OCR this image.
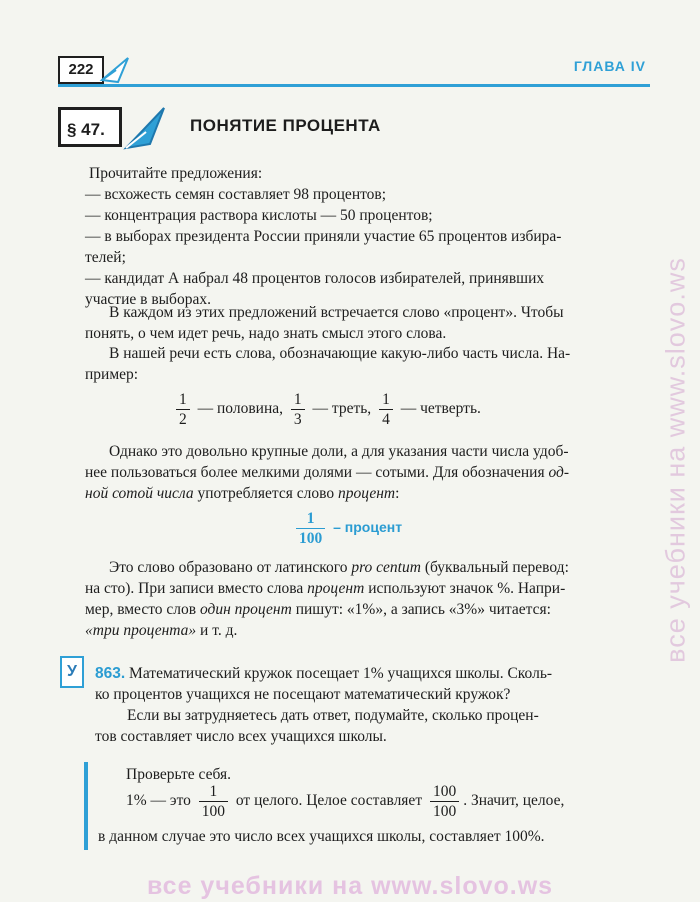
222	ГЛАВА IV
§ 47.	ПОНЯТИЕ ПРОЦЕНТА
Прочитайте предложения:
— всхожесть семян составляет 98 процентов;
— концентрация раствора кислоты — 50 процентов;
— в выборах президента России приняли участие 65 процентов избира-
телей;
— кандидат А набрал 48 процентов голосов избирателей, принявших
участие в выборах.
В каждом из этих предложений встречается слово «процент». Чтобы
понять, о чем идет речь, надо знать смысл этого слова.
В нашей речи есть слова, обозначающие какую-либо часть числа. На-
пример:
$\frac{1}{2}$ — половина, $\frac{1}{3}$ — треть, $\frac{1}{4}$ — четверть.
Однако это довольно крупные доли, а для указания части числа удоб-
нее пользоваться более мелкими долями — сотыми. Для обозначения од-
ной сотой числа употребляется слово процент:
$\frac{1}{100}$ – процент
Это слово образовано от латинского pro centum (буквальный перевод:
на сто). При записи вместо слова процент используют значок %. Напри-
мер, вместо слов один процент пишут: «1%», а запись «3%» читается:
«три процента» и т. д.
У	863. Математический кружок посещает 1% учащихся школы. Сколь-
ко процентов учащихся не посещают математический кружок?
Если вы затрудняетесь дать ответ, подумайте, сколько процен-
тов составляет число всех учащихся школы.
Проверьте себя.
1% — это $\frac{1}{100}$ от целого. Целое составляет $\frac{100}{100}$ . Значит, целое,
в данном случае это число всех учащихся школы, составляет 100%.
все учебники на www.slovo.ws
все учебники на www.slovo.ws
